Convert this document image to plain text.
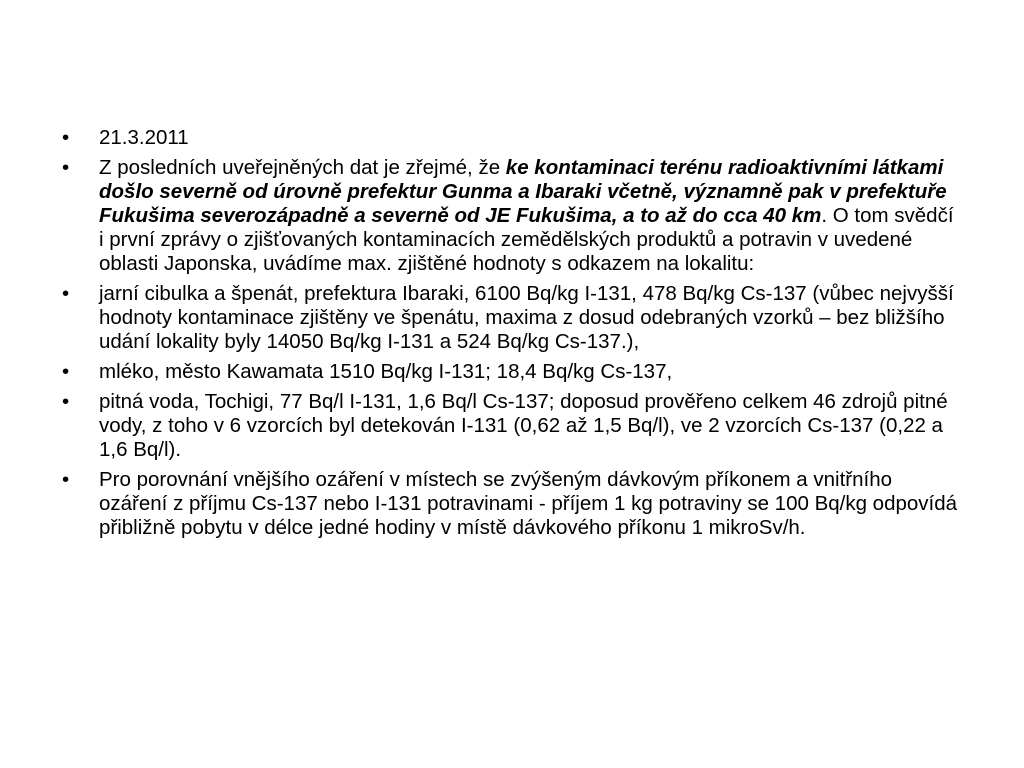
•	21.3.2011
•	Z posledních uveřejněných dat je zřejmé, že ke kontaminaci terénu radioaktivními látkami došlo severně od úrovně prefektur Gunma a Ibaraki včetně, významně pak v prefektuře Fukušima severozápadně a severně od JE Fukušima, a to až do cca 40 km. O tom svědčí i první zprávy o zjišťovaných kontaminacích zemědělských produktů a potravin v uvedené oblasti Japonska, uvádíme max. zjištěné hodnoty s odkazem na lokalitu:
•	jarní cibulka a špenát, prefektura Ibaraki, 6100 Bq/kg I-131, 478 Bq/kg Cs-137 (vůbec nejvyšší hodnoty kontaminace zjištěny ve špenátu, maxima z dosud odebraných vzorků – bez bližšího udání lokality byly 14050 Bq/kg I-131 a 524 Bq/kg Cs-137.),
•	mléko, město Kawamata 1510 Bq/kg I-131; 18,4 Bq/kg Cs-137,
•	pitná voda, Tochigi, 77 Bq/l I-131, 1,6 Bq/l Cs-137; doposud prověřeno celkem 46 zdrojů pitné vody, z toho v 6 vzorcích byl detekován I-131 (0,62 až 1,5 Bq/l), ve 2 vzorcích Cs-137 (0,22 a 1,6 Bq/l).
•	Pro porovnání vnějšího ozáření v místech se zvýšeným dávkovým příkonem a vnitřního ozáření z příjmu Cs-137 nebo I-131 potravinami - příjem 1 kg potraviny se 100 Bq/kg odpovídá přibližně pobytu v délce jedné hodiny v místě dávkového příkonu 1 mikroSv/h.
